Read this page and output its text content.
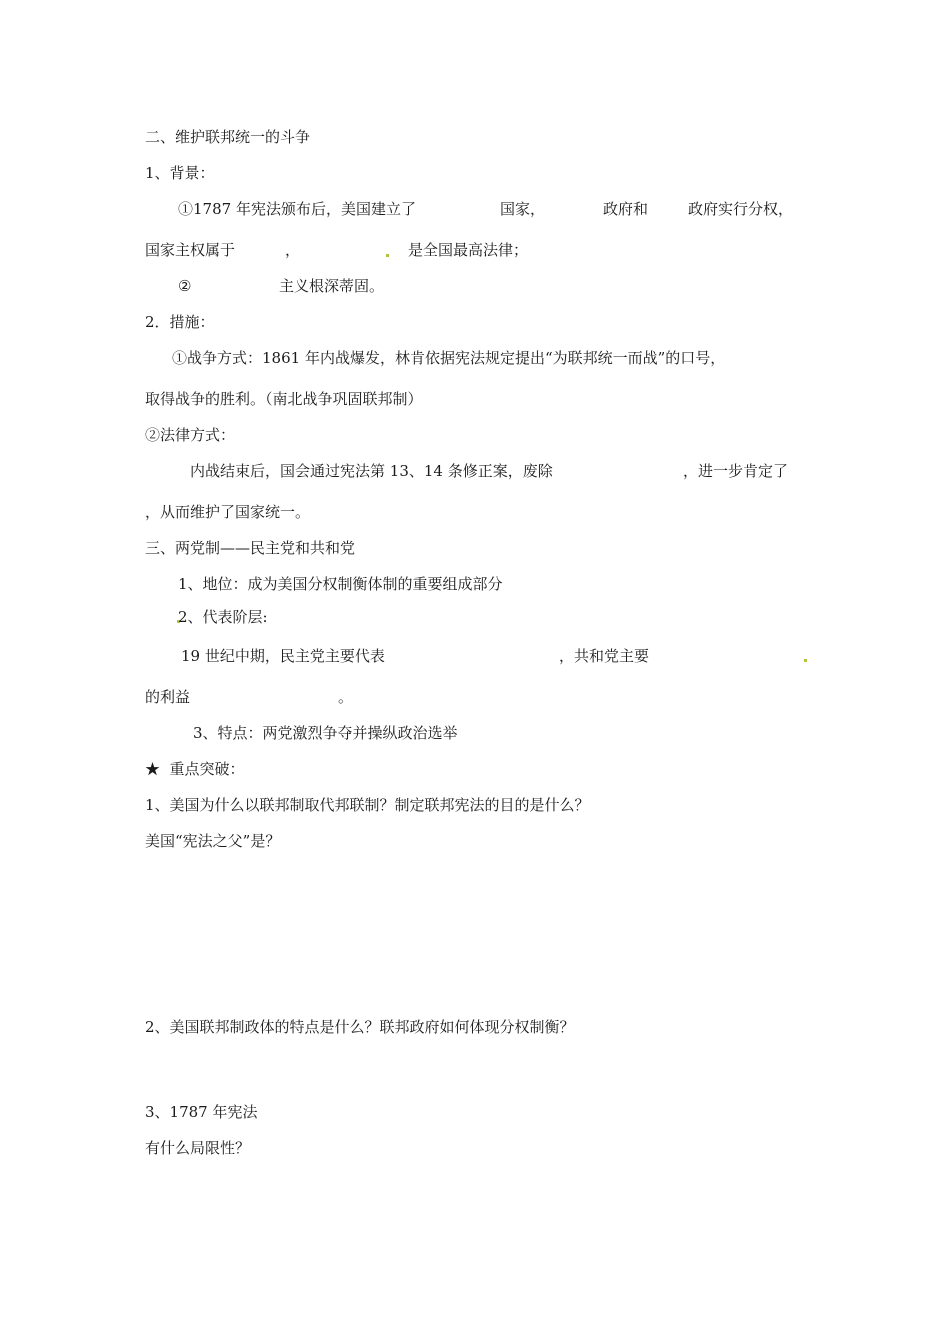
二、维护联邦统一的斗争
1、背景：
①1787 年宪法颁布后，美国建立了	国家，	政府和	政府实行分权，
国家主权属于	，	是全国最高法律；
②	主义根深蒂固。
2．措施：
①战争方式：1861 年内战爆发，林肯依据宪法规定提出“为联邦统一而战”的口号，
取得战争的胜利。（南北战争巩固联邦制）
②法律方式：
内战结束后，国会通过宪法第 13、14 条修正案，废除	，进一步肯定了
，从而维护了国家统一。
三、两党制——民主党和共和党
1、地位：成为美国分权制衡体制的重要组成部分
2、代表阶层:
19 世纪中期，民主党主要代表	，共和党主要
的利益	。
3、特点：两党激烈争夺并操纵政治选举
★  重点突破：
1、美国为什么以联邦制取代邦联制？制定联邦宪法的目的是什么？
美国“宪法之父”是？
2、美国联邦制政体的特点是什么？联邦政府如何体现分权制衡？
3、1787 年宪法
有什么局限性？
